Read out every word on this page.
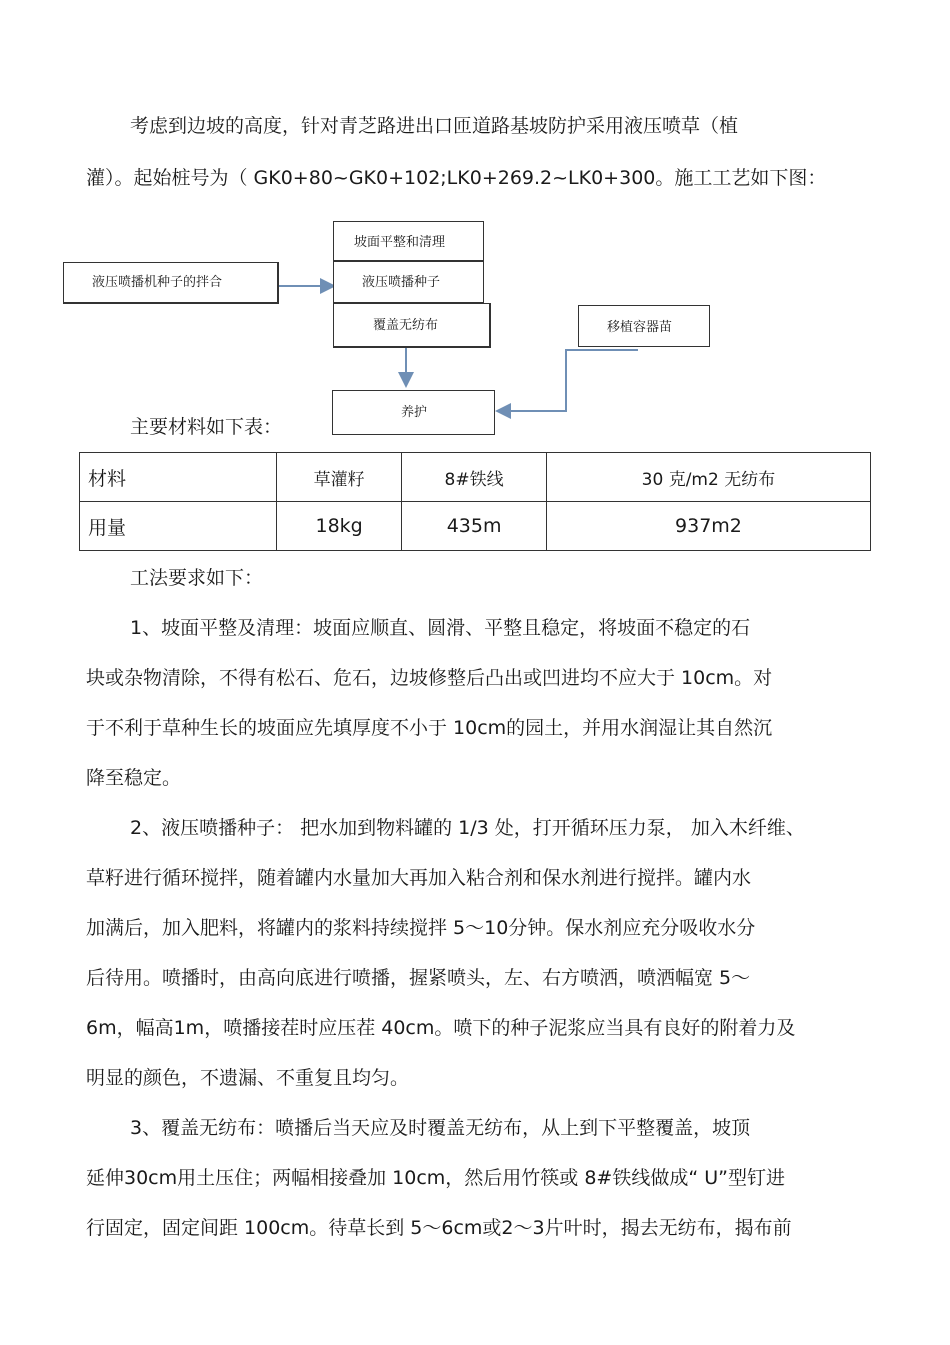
考虑到边坡的高度，针对青芝路进出口匝道路基坡防护采用液压喷草（植
灌）。起始桩号为（ GK0+80~GK0+102;LK0+269.2~LK0+300。施工工艺如下图：
坡面平整和清理
液压喷播种子
覆盖无纺布
液压喷播机种子的拌合
移植容器苗
养护
主要材料如下表：
材料	草灌籽	8#铁线	30 克/m2 无纺布
用量	18kg	435m	937m2
工法要求如下：
1、坡面平整及清理：坡面应顺直、圆滑、平整且稳定，将坡面不稳定的石
块或杂物清除，不得有松石、危石，边坡修整后凸出或凹进均不应大于 10cm。对
于不利于草种生长的坡面应先填厚度不小于 10cm的园土，并用水润湿让其自然沉
降至稳定。
2、液压喷播种子： 把水加到物料罐的 1/3 处，打开循环压力泵， 加入木纤维、
草籽进行循环搅拌，随着罐内水量加大再加入粘合剂和保水剂进行搅拌。罐内水
加满后，加入肥料，将罐内的浆料持续搅拌 5～10分钟。保水剂应充分吸收水分
后待用。喷播时，由高向底进行喷播，握紧喷头，左、右方喷洒，喷洒幅宽 5～
6m，幅高1m，喷播接茬时应压茬 40cm。喷下的种子泥浆应当具有良好的附着力及
明显的颜色，不遗漏、不重复且均匀。
3、覆盖无纺布：喷播后当天应及时覆盖无纺布，从上到下平整覆盖，坡顶
延伸30cm用土压住；两幅相接叠加 10cm，然后用竹筷或 8#铁线做成“ U”型钉进
行固定，固定间距 100cm。待草长到 5～6cm或2～3片叶时，揭去无纺布，揭布前
